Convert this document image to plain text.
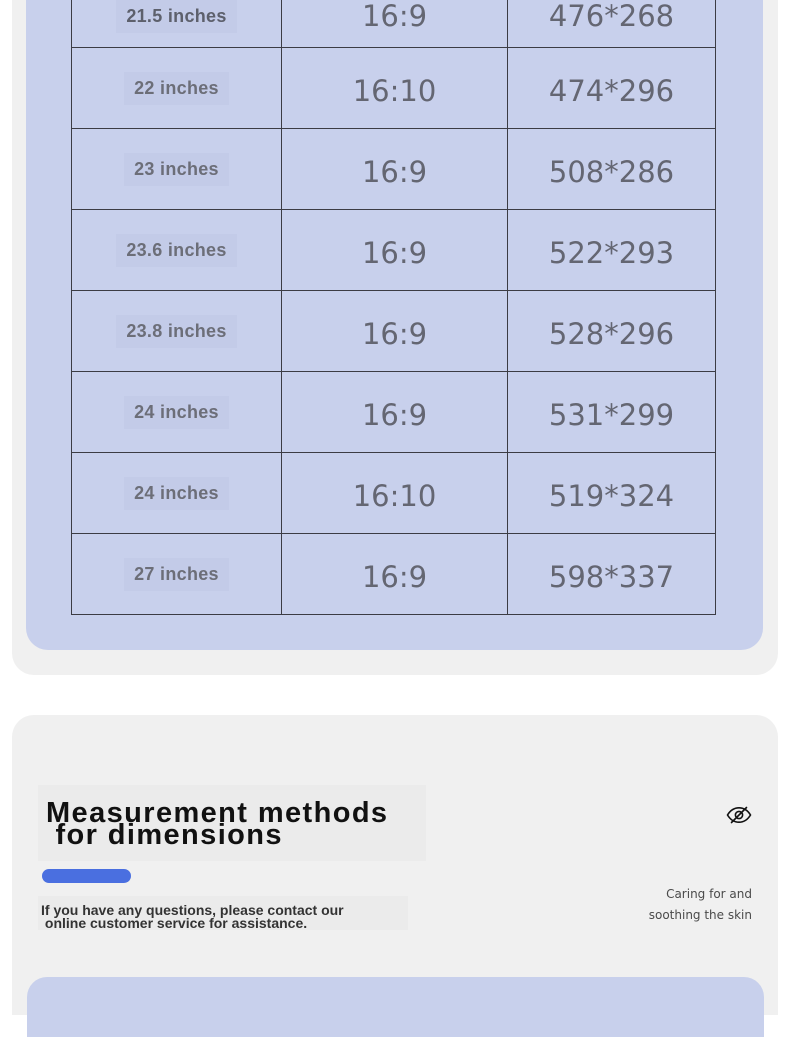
21.5 inches	16:9	476*268
22 inches	16:10	474*296
23 inches	16:9	508*286
23.6 inches	16:9	522*293
23.8 inches	16:9	528*296
24 inches	16:9	531*299
24 inches	16:10	519*324
27 inches	16:9	598*337
Measurement methods
for dimensions

If you have any questions, please contact our
online customer service for assistance.

Caring for and
soothing the skin
